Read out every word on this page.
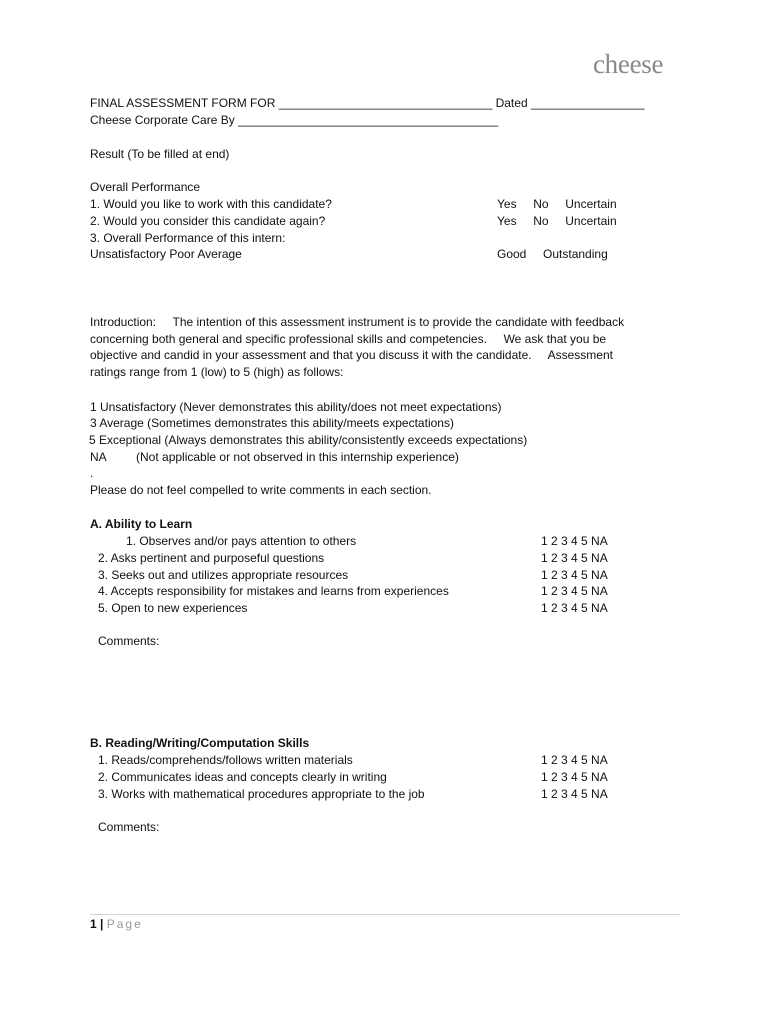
cheese
FINAL ASSESSMENT FORM FOR ________________________________ Dated _________________
Cheese Corporate Care By _______________________________________
Result (To be filled at end)
Overall Performance
1. Would you like to work with this candidate?	Yes     No     Uncertain
2. Would you consider this candidate again?	Yes     No     Uncertain
3. Overall Performance of this intern:
Unsatisfactory Poor Average	Good     Outstanding
Introduction:     The intention of this assessment instrument is to provide the candidate with feedback
concerning both general and specific professional skills and competencies.     We ask that you be
objective and candid in your assessment and that you discuss it with the candidate.     Assessment
ratings range from 1 (low) to 5 (high) as follows:
1 Unsatisfactory (Never demonstrates this ability/does not meet expectations)
3 Average (Sometimes demonstrates this ability/meets expectations)
5 Exceptional (Always demonstrates this ability/consistently exceeds expectations)
NA         (Not applicable or not observed in this internship experience)
.
Please do not feel compelled to write comments in each section.
A. Ability to Learn
1. Observes and/or pays attention to others	1 2 3 4 5 NA
2. Asks pertinent and purposeful questions	1 2 3 4 5 NA
3. Seeks out and utilizes appropriate resources	1 2 3 4 5 NA
4. Accepts responsibility for mistakes and learns from experiences	1 2 3 4 5 NA
5. Open to new experiences	1 2 3 4 5 NA
Comments:
B. Reading/Writing/Computation Skills
1. Reads/comprehends/follows written materials	1 2 3 4 5 NA
2. Communicates ideas and concepts clearly in writing	1 2 3 4 5 NA
3. Works with mathematical procedures appropriate to the job	1 2 3 4 5 NA
Comments:
1 | Page
